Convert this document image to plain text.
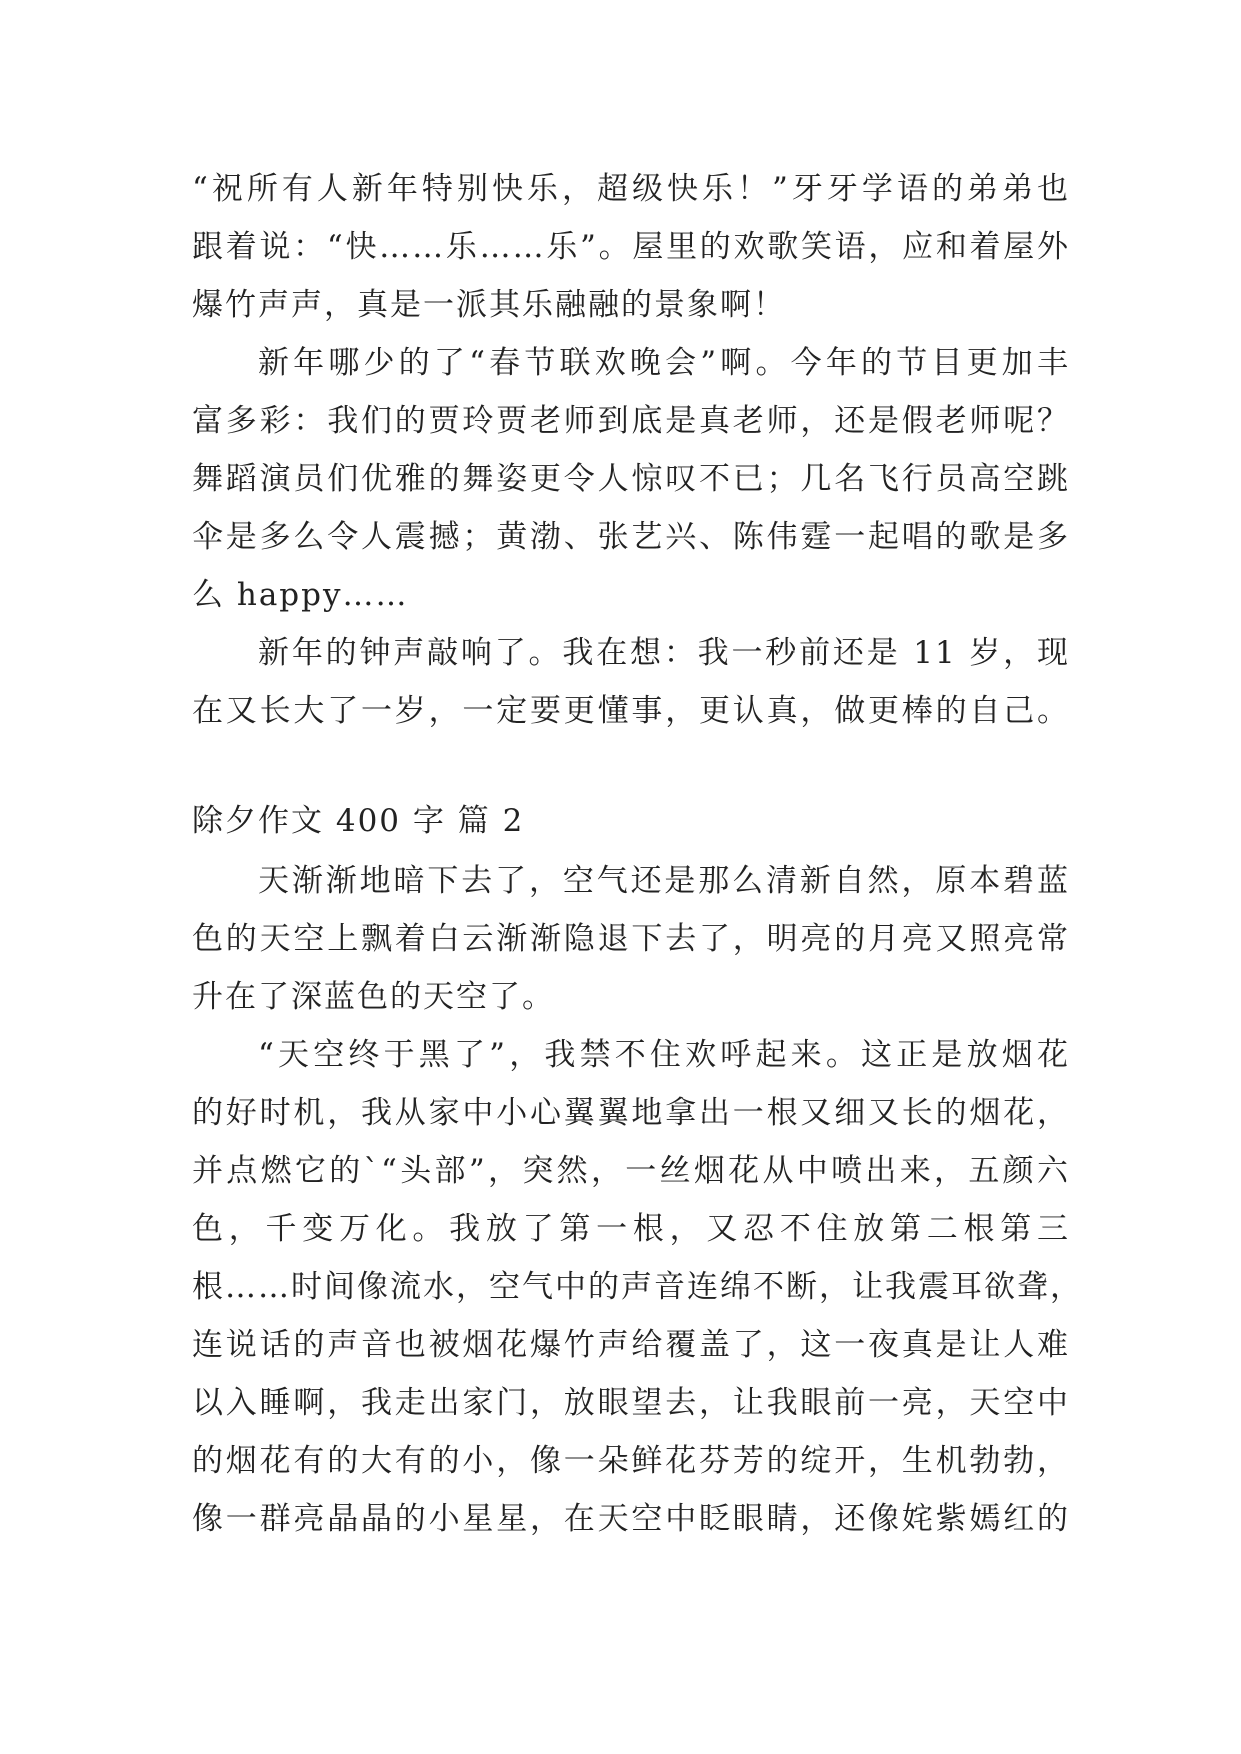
“祝所有人新年特别快乐，超级快乐！”牙牙学语的弟弟也
跟着说：“快……乐……乐”。屋里的欢歌笑语，应和着屋外
爆竹声声，真是一派其乐融融的景象啊！
新年哪少的了“春节联欢晚会”啊。今年的节目更加丰
富多彩：我们的贾玲贾老师到底是真老师，还是假老师呢？
舞蹈演员们优雅的舞姿更令人惊叹不已；几名飞行员高空跳
伞是多么令人震撼；黄渤、张艺兴、陈伟霆一起唱的歌是多
么 happy……
新年的钟声敲响了。我在想：我一秒前还是 11 岁，现
在又长大了一岁，一定要更懂事，更认真，做更棒的自己。
除夕作文 400 字 篇 2
天渐渐地暗下去了，空气还是那么清新自然，原本碧蓝
色的天空上飘着白云渐渐隐退下去了，明亮的月亮又照亮常
升在了深蓝色的天空了。
“天空终于黑了”，我禁不住欢呼起来。这正是放烟花
的好时机，我从家中小心翼翼地拿出一根又细又长的烟花，
并点燃它的`“头部”，突然，一丝烟花从中喷出来，五颜六
色，千变万化。我放了第一根，又忍不住放第二根第三
根……时间像流水，空气中的声音连绵不断，让我震耳欲聋，
连说话的声音也被烟花爆竹声给覆盖了，这一夜真是让人难
以入睡啊，我走出家门，放眼望去，让我眼前一亮，天空中
的烟花有的大有的小，像一朵鲜花芬芳的绽开，生机勃勃，
像一群亮晶晶的小星星，在天空中眨眼睛，还像姹紫嫣红的
